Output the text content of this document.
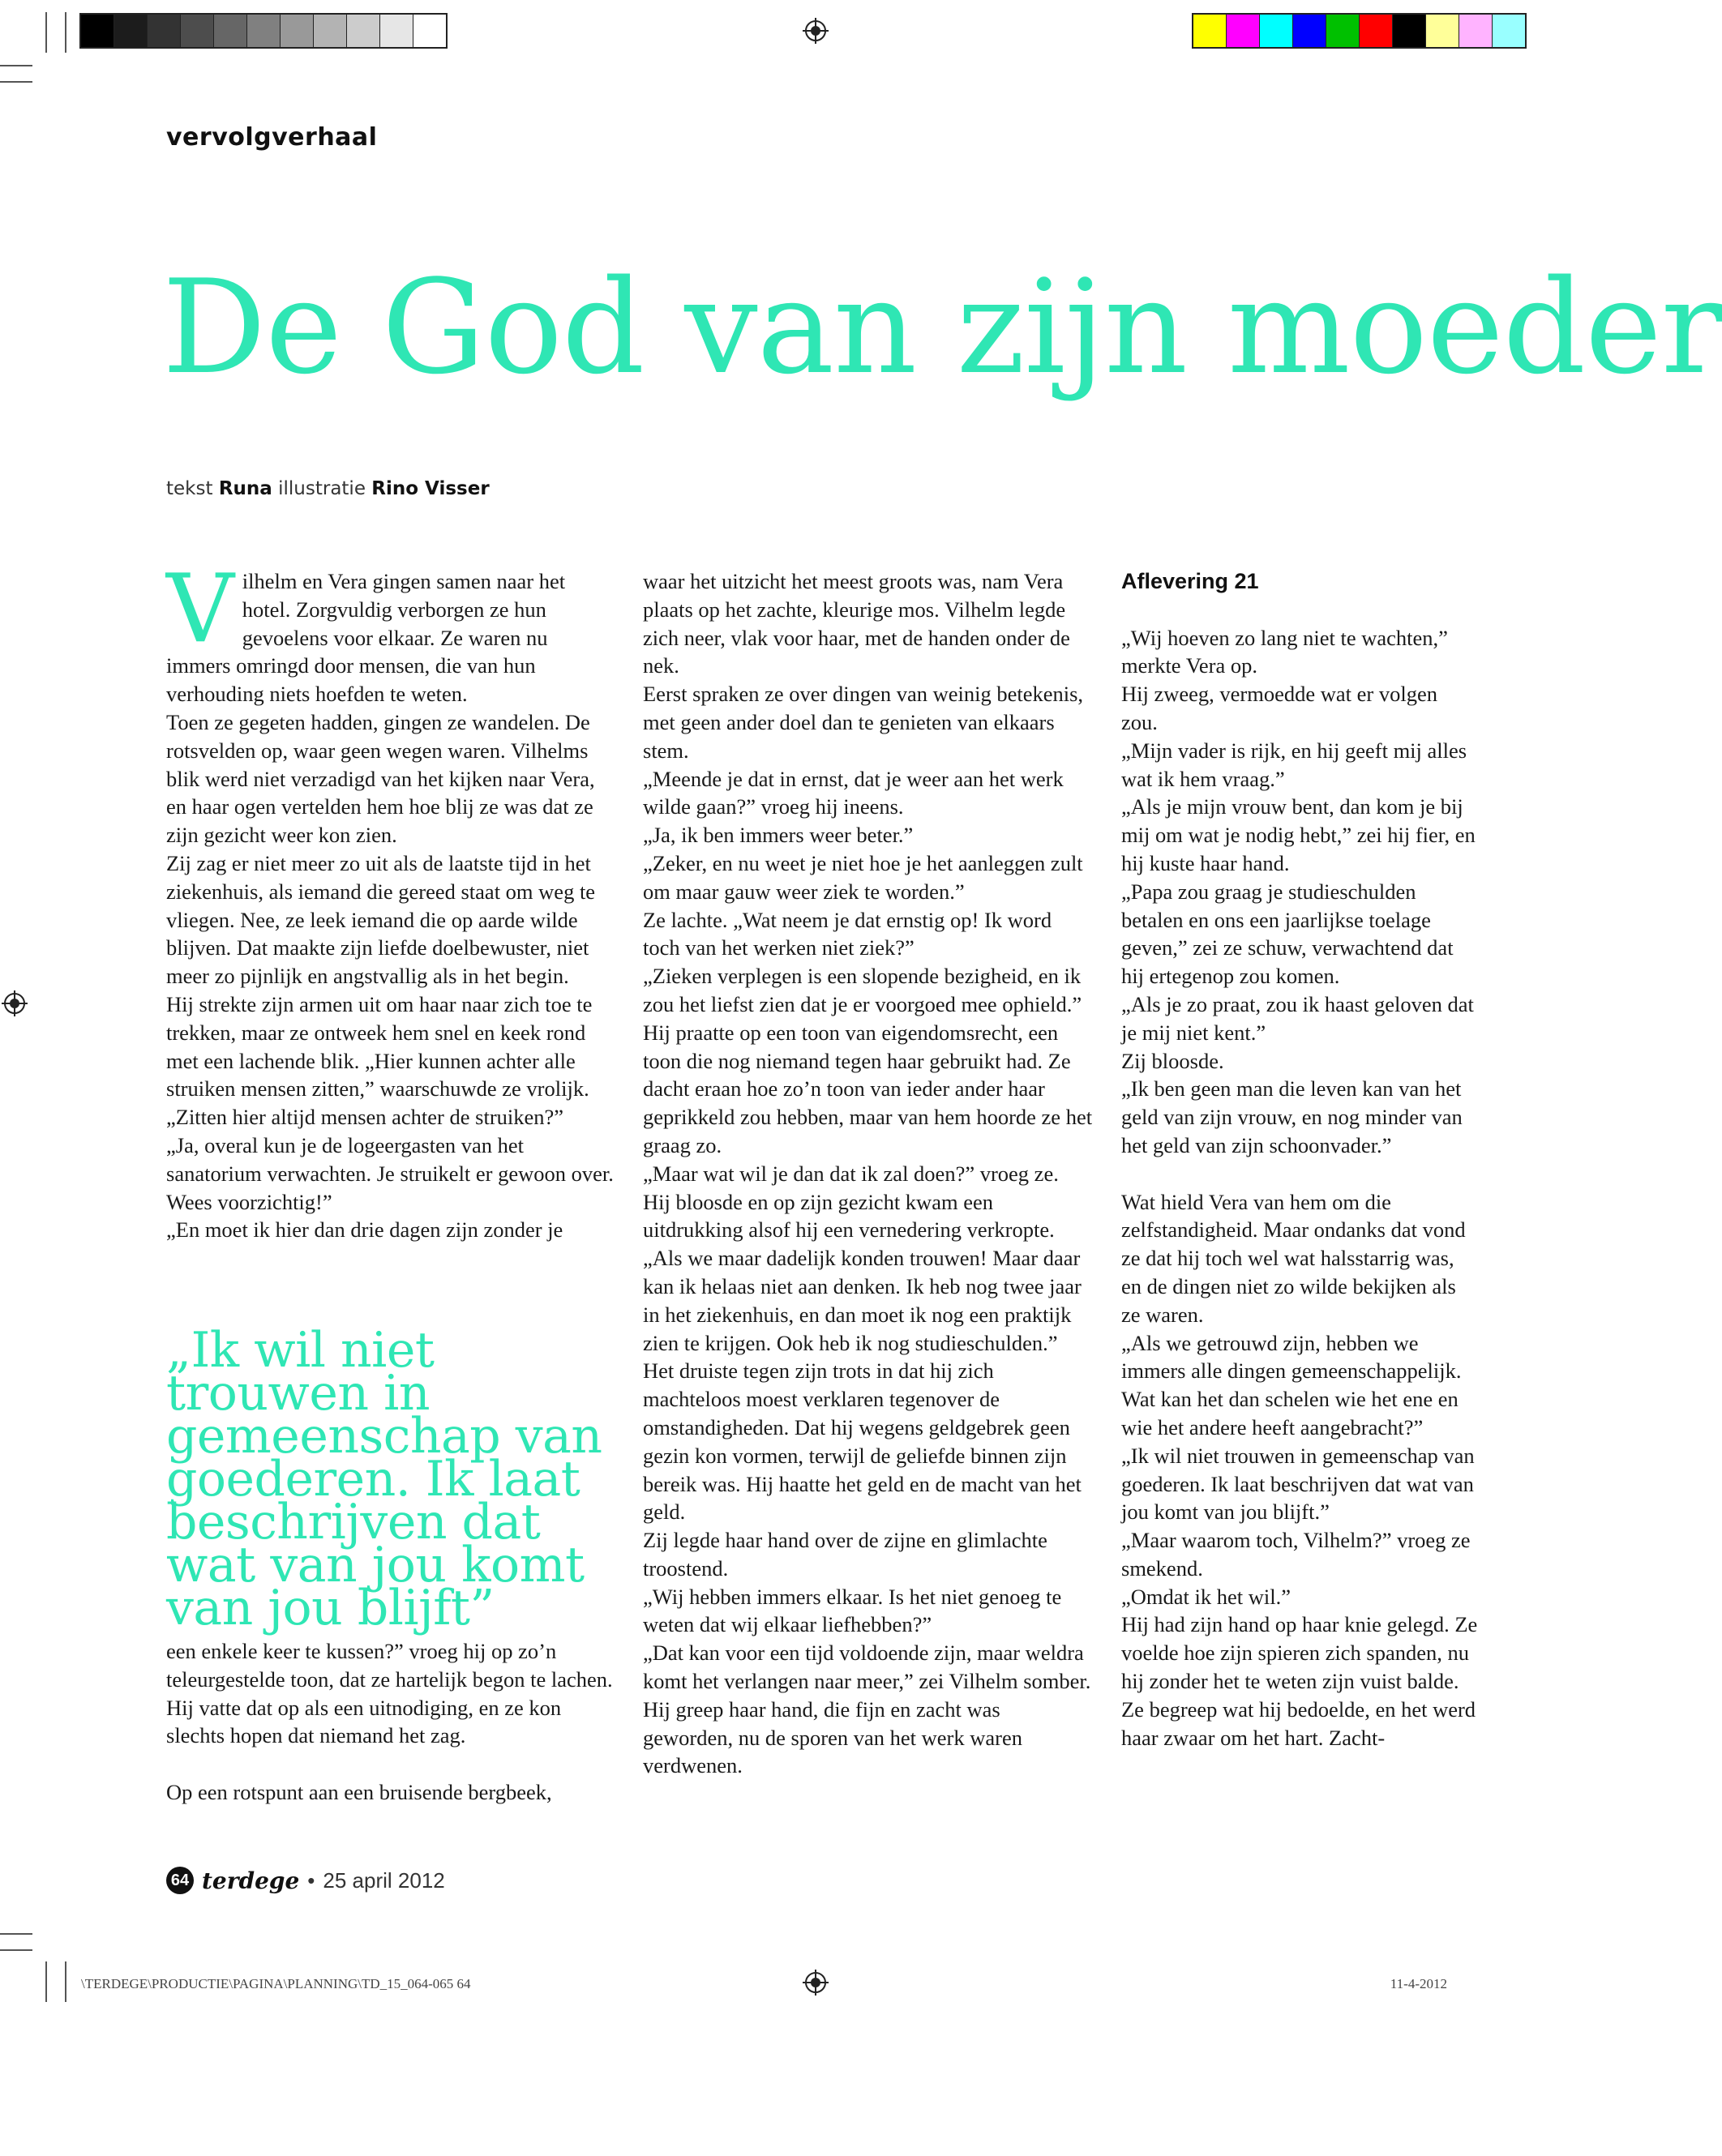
vervolgverhaal
De God van zijn moeder
tekst Runa illustratie Rino Visser
V ilhelm en Vera gingen samen naar het hotel. Zorgvuldig verborgen ze hun gevoelens voor elkaar. Ze waren nu immers omringd door mensen, die van hun verhouding niets hoefden te weten.

Toen ze gegeten hadden, gingen ze wandelen. De rotsvelden op, waar geen wegen waren. Vilhelms blik werd niet verzadigd van het kijken naar Vera, en haar ogen vertelden hem hoe blij ze was dat ze zijn gezicht weer kon zien.

Zij zag er niet meer zo uit als de laatste tijd in het ziekenhuis, als iemand die gereed staat om weg te vliegen. Nee, ze leek iemand die op aarde wilde blijven. Dat maakte zijn liefde doelbewuster, niet meer zo pijnlijk en angstvallig als in het begin.

Hij strekte zijn armen uit om haar naar zich toe te trekken, maar ze ontweek hem snel en keek rond met een lachende blik. „Hier kunnen achter alle struiken mensen zitten,” waarschuwde ze vrolijk.

„Zitten hier altijd mensen achter de struiken?”

„Ja, overal kun je de logeergasten van het sanatorium verwachten. Je struikelt er gewoon over. Wees voorzichtig!”

„En moet ik hier dan drie dagen zijn zonder je

„Ik wil niet trouwen in gemeenschap van goederen. Ik laat beschrijven dat wat van jou komt van jou blijft”

een enkele keer te kussen?” vroeg hij op zo’n teleurgestelde toon, dat ze hartelijk begon te lachen.

Hij vatte dat op als een uitnodiging, en ze kon slechts hopen dat niemand het zag.

Op een rotspunt aan een bruisende bergbeek,

waar het uitzicht het meest groots was, nam Vera plaats op het zachte, kleurige mos. Vilhelm legde zich neer, vlak voor haar, met de handen onder de nek.

Eerst spraken ze over dingen van weinig betekenis, met geen ander doel dan te genieten van elkaars stem.

„Meende je dat in ernst, dat je weer aan het werk wilde gaan?” vroeg hij ineens.

„Ja, ik ben immers weer beter.”

„Zeker, en nu weet je niet hoe je het aanleggen zult om maar gauw weer ziek te worden.”

Ze lachte. „Wat neem je dat ernstig op! Ik word toch van het werken niet ziek?”

„Zieken verplegen is een slopende bezigheid, en ik zou het liefst zien dat je er voorgoed mee ophield.”

Hij praatte op een toon van eigendomsrecht, een toon die nog niemand tegen haar gebruikt had. Ze dacht eraan hoe zo’n toon van ieder ander haar geprikkeld zou hebben, maar van hem hoorde ze het graag zo.

„Maar wat wil je dan dat ik zal doen?” vroeg ze.

Hij bloosde en op zijn gezicht kwam een uitdrukking alsof hij een vernedering verkropte.

„Als we maar dadelijk konden trouwen! Maar daar kan ik helaas niet aan denken. Ik heb nog twee jaar in het ziekenhuis, en dan moet ik nog een praktijk zien te krijgen. Ook heb ik nog studieschulden.”

Het druiste tegen zijn trots in dat hij zich machteloos moest verklaren tegenover de omstandigheden. Dat hij wegens geldgebrek geen gezin kon vormen, terwijl de geliefde binnen zijn bereik was. Hij haatte het geld en de macht van het geld.

Zij legde haar hand over de zijne en glimlachte troostend.

„Wij hebben immers elkaar. Is het niet genoeg te weten dat wij elkaar liefhebben?”

„Dat kan voor een tijd voldoende zijn, maar weldra komt het verlangen naar meer,” zei Vilhelm somber. Hij greep haar hand, die fijn en zacht was geworden, nu de sporen van het werk waren verdwenen.

Aflevering 21

„Wij hoeven zo lang niet te wachten,” merkte Vera op.

Hij zweeg, vermoedde wat er volgen zou.

„Mijn vader is rijk, en hij geeft mij alles wat ik hem vraag.”

„Als je mijn vrouw bent, dan kom je bij mij om wat je nodig hebt,” zei hij fier, en hij kuste haar hand.

„Papa zou graag je studieschulden betalen en ons een jaarlijkse toelage geven,” zei ze schuw, verwachtend dat hij ertegenop zou komen.

„Als je zo praat, zou ik haast geloven dat je mij niet kent.”

Zij bloosde.

„Ik ben geen man die leven kan van het geld van zijn vrouw, en nog minder van het geld van zijn schoonvader.”

Wat hield Vera van hem om die zelfstandigheid. Maar ondanks dat vond ze dat hij toch wel wat halsstarrig was, en de dingen niet zo wilde bekijken als ze waren.

„Als we getrouwd zijn, hebben we immers alle dingen gemeenschappelijk. Wat kan het dan schelen wie het ene en wie het andere heeft aangebracht?”

„Ik wil niet trouwen in gemeenschap van goederen. Ik laat beschrijven dat wat van jou komt van jou blijft.”

„Maar waarom toch, Vilhelm?” vroeg ze smekend.

„Omdat ik het wil.”

Hij had zijn hand op haar knie gelegd. Ze voelde hoe zijn spieren zich spanden, nu hij zonder het te weten zijn vuist balde.

Ze begreep wat hij bedoelde, en het werd haar zwaar om het hart. Zacht-

64 terdege • 25 april 2012
\TERDEGE\PRODUCTIE\PAGINA\PLANNING\TD_15_064-065 64	11-4-2012
